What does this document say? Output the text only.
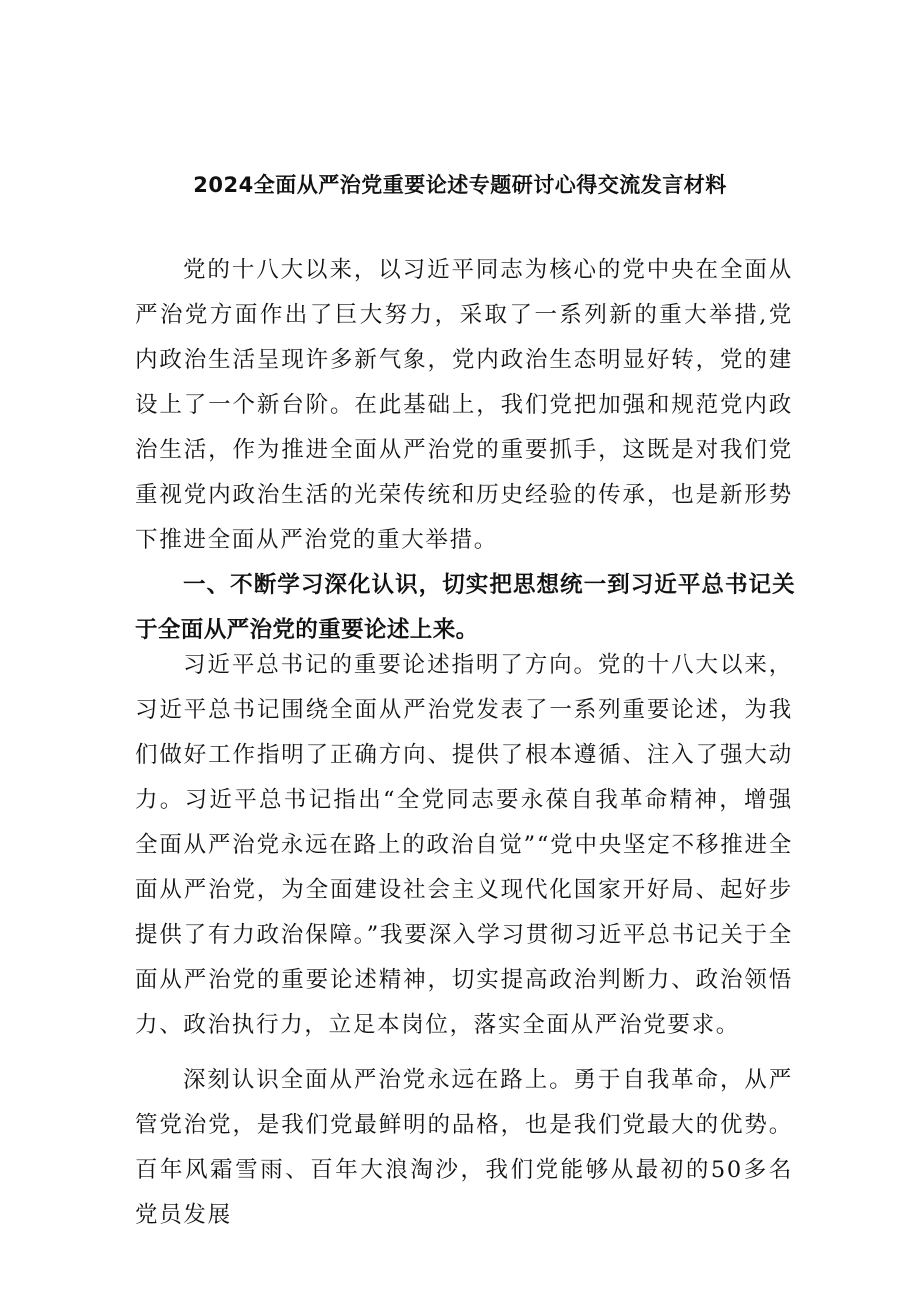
2024全面从严治党重要论述专题研讨心得交流发言材料

党的十八大以来，以习近平同志为核心的党中央在全面从严治党方面作出了巨大努力，采取了一系列新的重大举措,党内政治生活呈现许多新气象，党内政治生态明显好转，党的建设上了一个新台阶。在此基础上，我们党把加强和规范党内政治生活，作为推进全面从严治党的重要抓手，这既是对我们党重视党内政治生活的光荣传统和历史经验的传承，也是新形势下推进全面从严治党的重大举措。

一、不断学习深化认识，切实把思想统一到习近平总书记关于全面从严治党的重要论述上来。

习近平总书记的重要论述指明了方向。党的十八大以来，习近平总书记围绕全面从严治党发表了一系列重要论述，为我们做好工作指明了正确方向、提供了根本遵循、注入了强大动力。习近平总书记指出“全党同志要永葆自我革命精神，增强全面从严治党永远在路上的政治自觉”“党中央坚定不移推进全面从严治党，为全面建设社会主义现代化国家开好局、起好步提供了有力政治保障。”我要深入学习贯彻习近平总书记关于全面从严治党的重要论述精神，切实提高政治判断力、政治领悟力、政治执行力，立足本岗位，落实全面从严治党要求。

深刻认识全面从严治党永远在路上。勇于自我革命，从严管党治党，是我们党最鲜明的品格，也是我们党最大的优势。百年风霜雪雨、百年大浪淘沙，我们党能够从最初的50多名党员发展
